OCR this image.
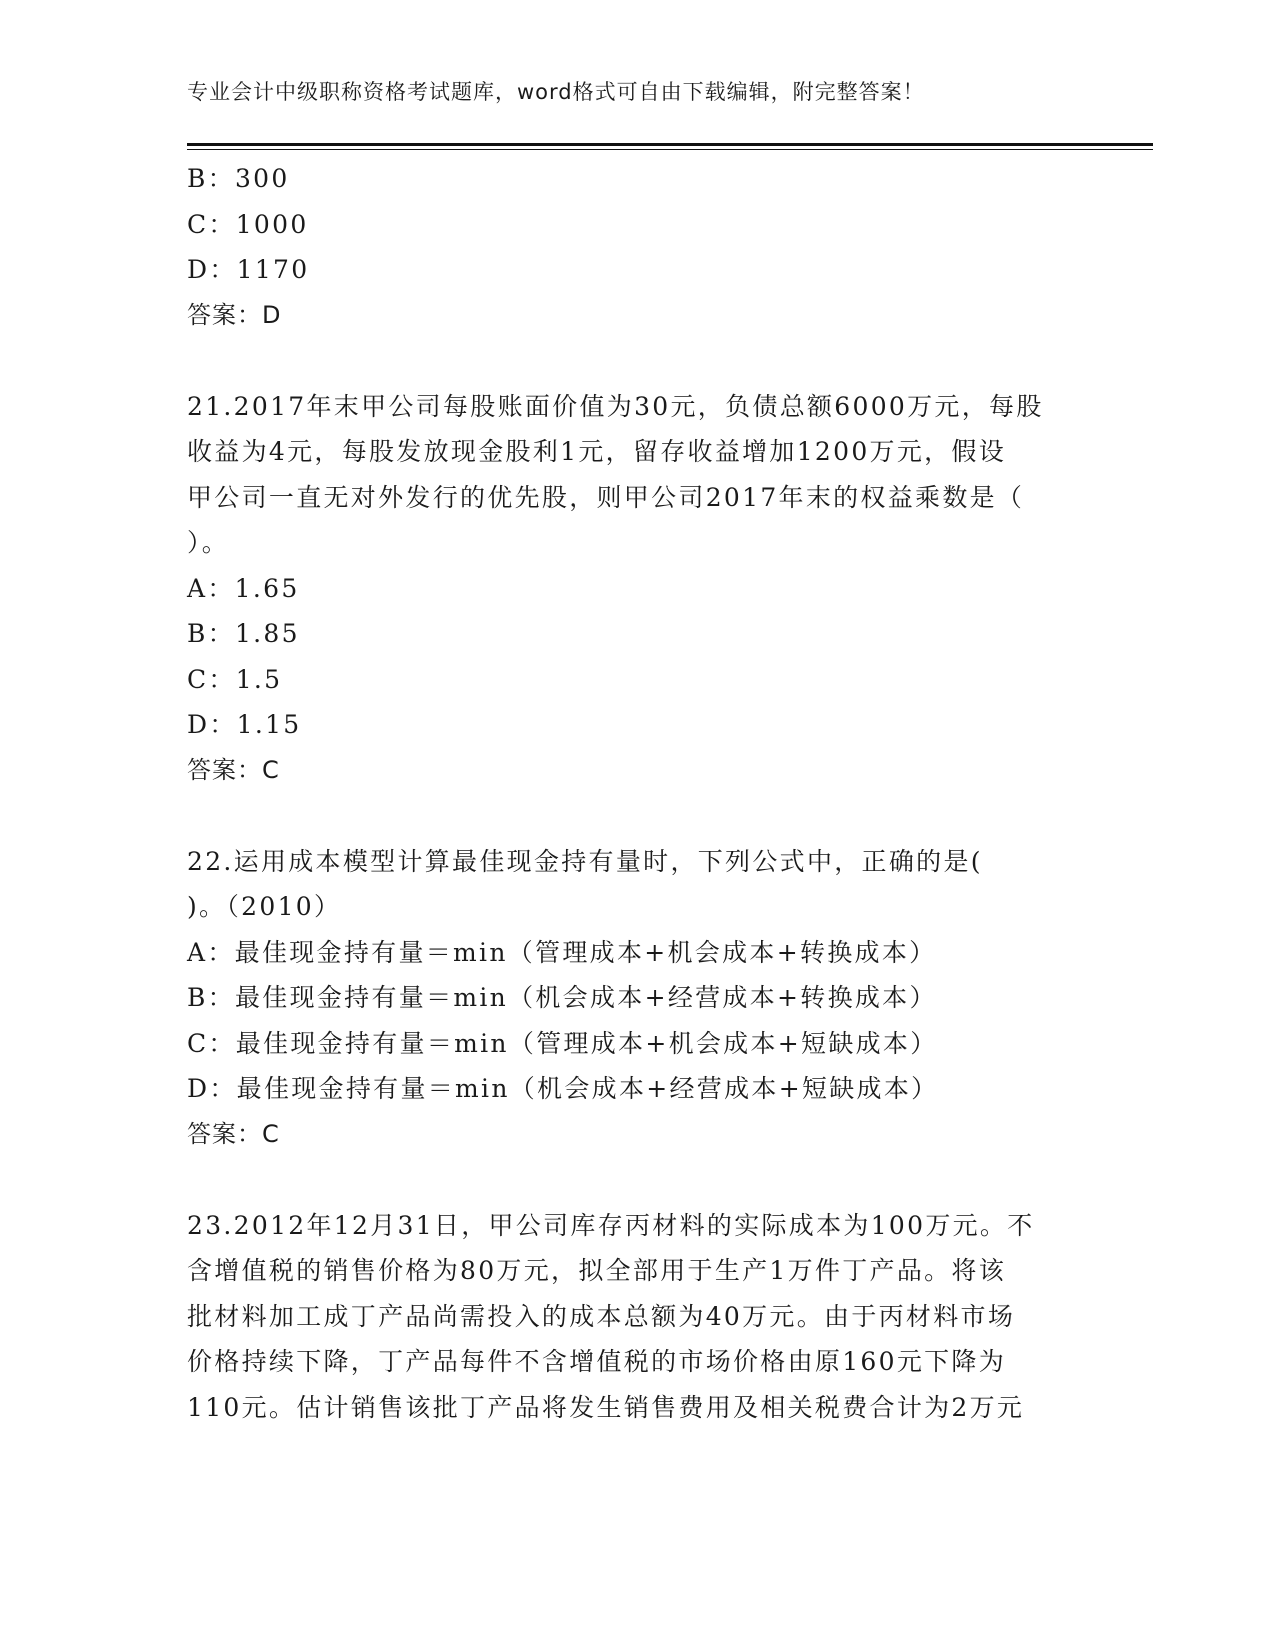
专业会计中级职称资格考试题库，word格式可自由下载编辑，附完整答案！
B：300
C：1000
D：1170
答案：D
21.2017年末甲公司每股账面价值为30元，负债总额6000万元，每股
收益为4元，每股发放现金股利1元，留存收益增加1200万元，假设
甲公司一直无对外发行的优先股，则甲公司2017年末的权益乘数是（
）。
A：1.65
B：1.85
C：1.5
D：1.15
答案：C
22.运用成本模型计算最佳现金持有量时，下列公式中，正确的是(
)。（2010）
A：最佳现金持有量＝min（管理成本+机会成本+转换成本）
B：最佳现金持有量＝min（机会成本+经营成本+转换成本）
C：最佳现金持有量＝min（管理成本+机会成本+短缺成本）
D：最佳现金持有量＝min（机会成本+经营成本+短缺成本）
答案：C
23.2012年12月31日，甲公司库存丙材料的实际成本为100万元。不
含增值税的销售价格为80万元，拟全部用于生产1万件丁产品。将该
批材料加工成丁产品尚需投入的成本总额为40万元。由于丙材料市场
价格持续下降，丁产品每件不含增值税的市场价格由原160元下降为
110元。估计销售该批丁产品将发生销售费用及相关税费合计为2万元
